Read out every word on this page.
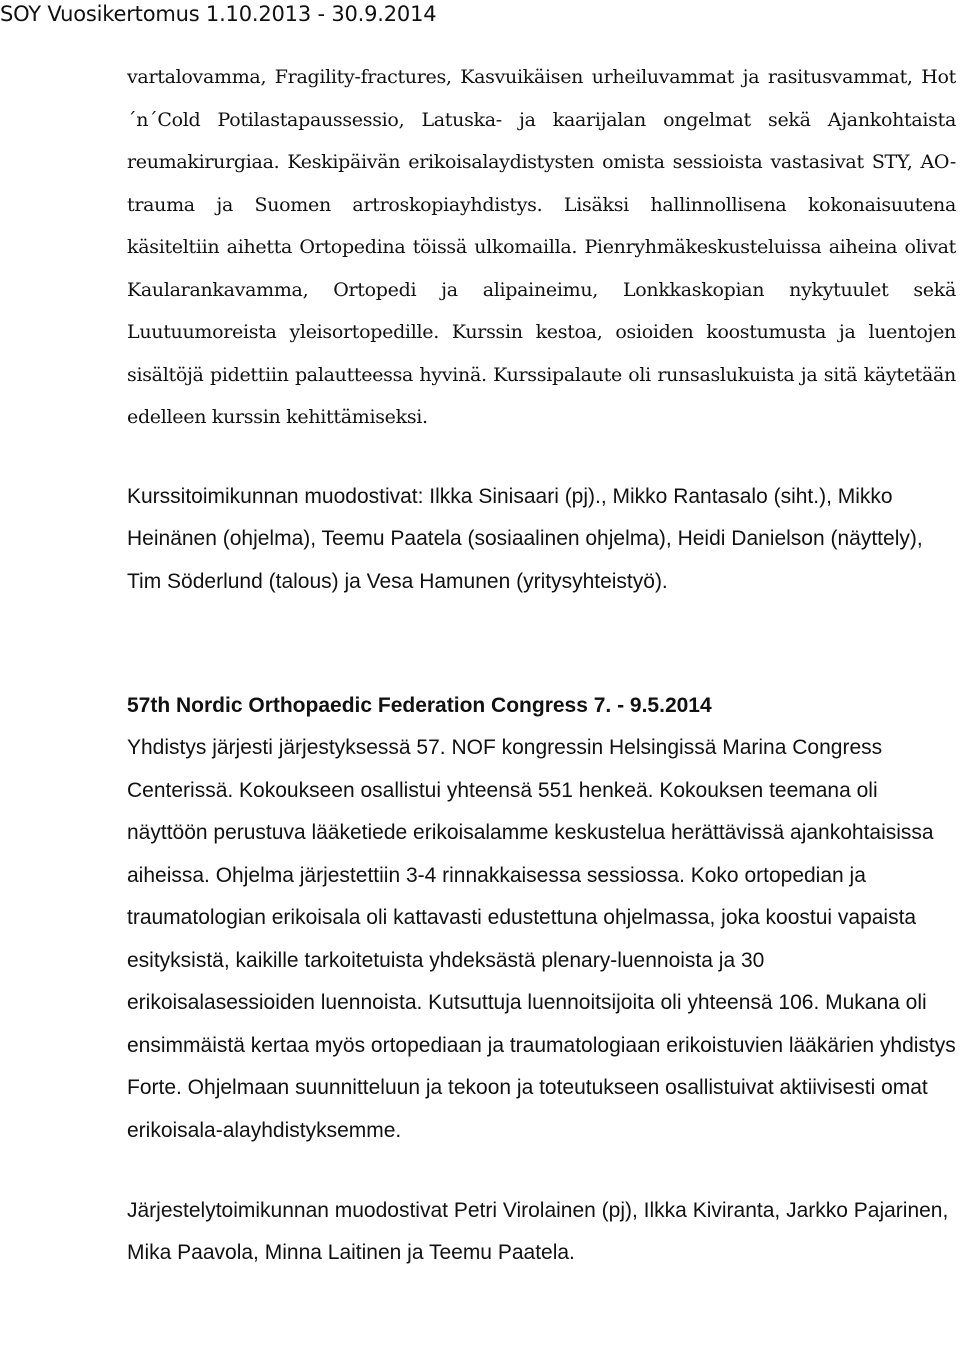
SOY Vuosikertomus 1.10.2013 - 30.9.2014

vartalovamma, Fragility-fractures, Kasvuikäisen urheiluvammat ja rasitusvammat, Hot´n´Cold Potilastapaussessio, Latuska- ja kaarijalan ongelmat sekä Ajankohtaista reumakirurgiaa. Keskipäivän erikoisalaydistysten omista sessioista vastasivat STY, AO-trauma ja Suomen artroskopiayhdistys. Lisäksi hallinnollisena kokonaisuutena käsiteltiin aihetta Ortopedina töissä ulkomailla. Pienryhmäkeskusteluissa aiheina olivat Kaularankavamma, Ortopedi ja alipaineimu, Lonkkaskopian nykytuulet sekä Luutuumoreista yleisortopedille. Kurssin kestoa, osioiden koostumusta ja luentojen sisältöjä pidettiin palautteessa hyvinä. Kurssipalaute oli runsaslukuista ja sitä käytetään edelleen kurssin kehittämiseksi.

Kurssitoimikunnan muodostivat: Ilkka Sinisaari (pj)., Mikko Rantasalo (siht.), Mikko Heinänen (ohjelma), Teemu Paatela (sosiaalinen ohjelma), Heidi Danielson (näyttely), Tim Söderlund (talous) ja Vesa Hamunen (yritysyhteistyö).

57th Nordic Orthopaedic Federation Congress 7. - 9.5.2014

Yhdistys järjesti järjestyksessä 57. NOF kongressin Helsingissä Marina Congress Centerissä. Kokoukseen osallistui yhteensä 551 henkeä. Kokouksen teemana oli näyttöön perustuva lääketiede erikoisalamme keskustelua herättävissä ajankohtaisissa aiheissa. Ohjelma järjestettiin 3-4 rinnakkaisessa sessiossa. Koko ortopedian ja traumatologian erikoisala oli kattavasti edustettuna ohjelmassa, joka koostui vapaista esityksistä, kaikille tarkoitetuista yhdeksästä plenary-luennoista ja 30 erikoisalasessioiden luennoista. Kutsuttuja luennoitsijoita oli yhteensä 106. Mukana oli ensimmäistä kertaa myös ortopediaan ja traumatologiaan erikoistuvien lääkärien yhdistys Forte. Ohjelmaan suunnitteluun ja tekoon ja toteutukseen osallistuivat aktiivisesti omat erikoisala-alayhdistyksemme.

Järjestelytoimikunnan muodostivat Petri Virolainen (pj), Ilkka Kiviranta, Jarkko Pajarinen, Mika Paavola, Minna Laitinen ja Teemu Paatela.
